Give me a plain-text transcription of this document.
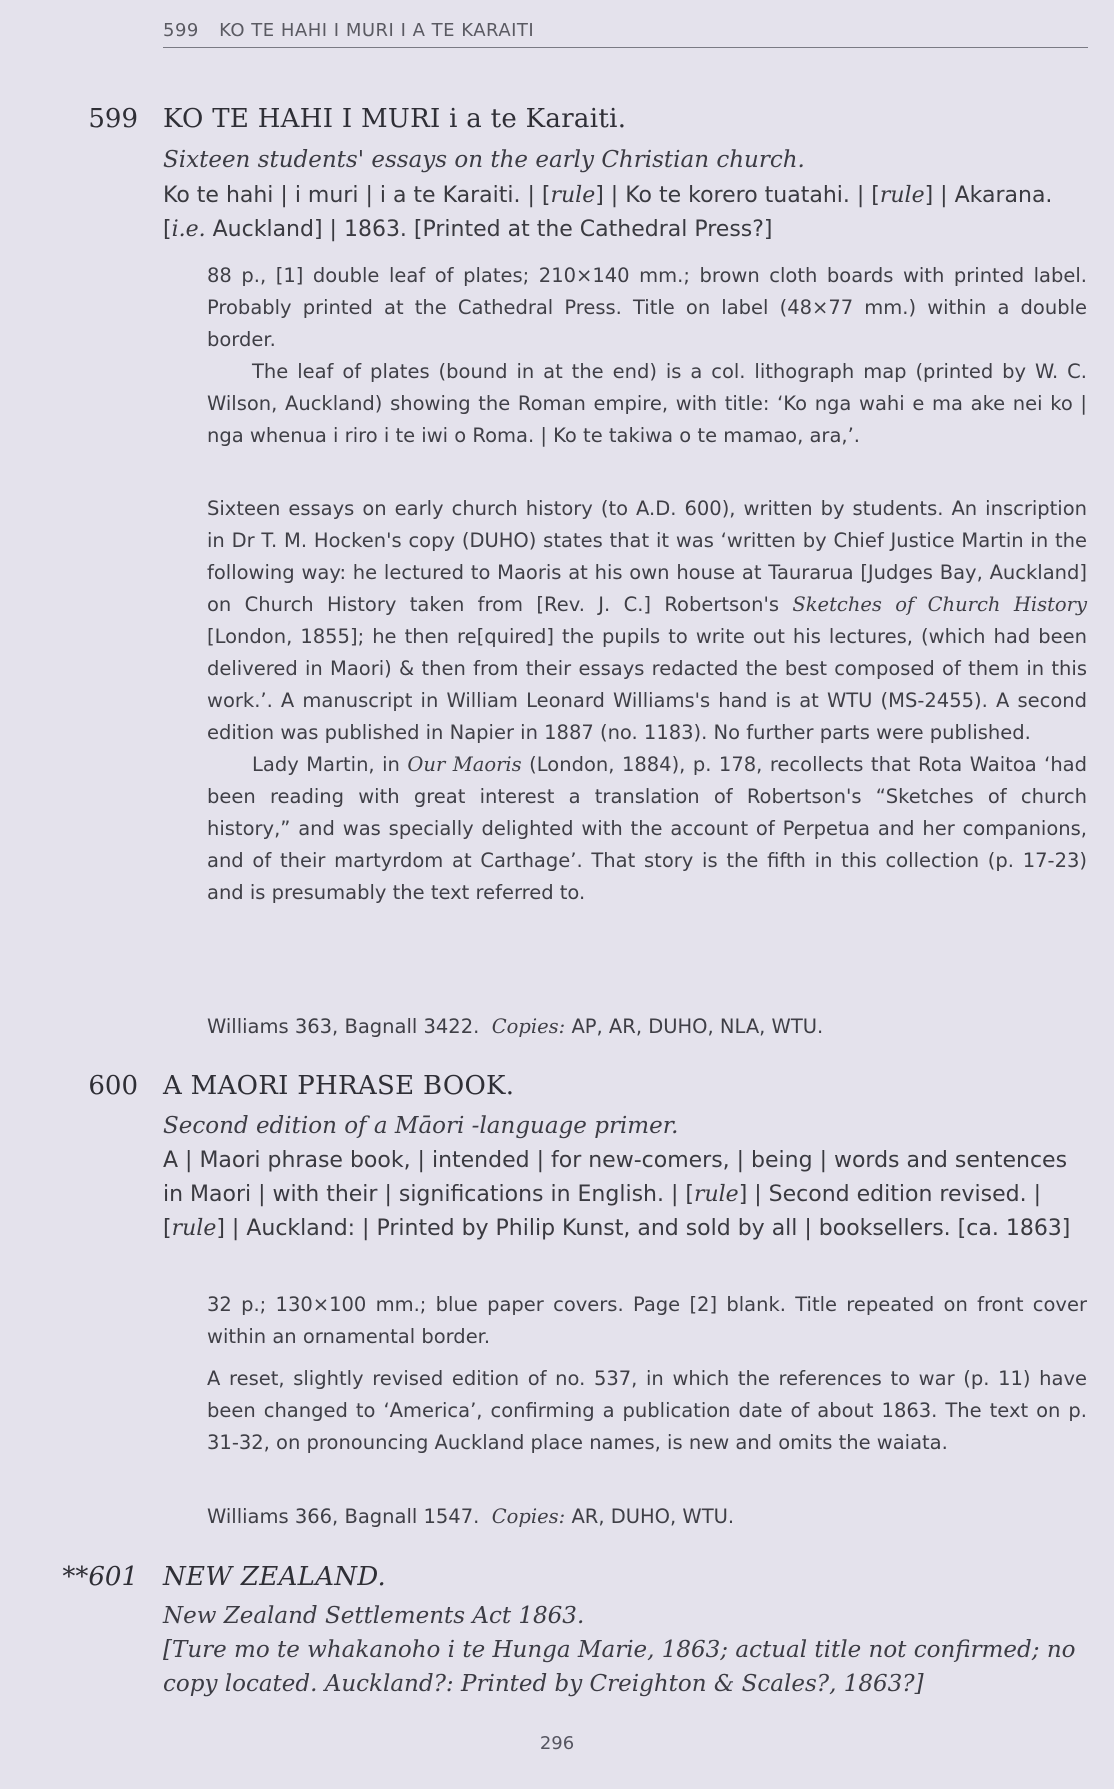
599 KO TE HAHI I MURI I A TE KARAITI
599 KO TE HAHI I MURI i a te Karaiti.
Sixteen students' essays on the early Christian church.
Ko te hahi | i muri | i a te Karaiti. | [rule] | Ko te korero tuatahi. | [rule] | Akarana. [i.e. Auckland] | 1863. [Printed at the Cathedral Press?]

88 p., [1] double leaf of plates; 210×140 mm.; brown cloth boards with printed label. Probably printed at the Cathedral Press. Title on label (48×77 mm.) within a double border.

The leaf of plates (bound in at the end) is a col. lithograph map (printed by W. C. Wilson, Auckland) showing the Roman empire, with title: ‘Ko nga wahi e ma ake nei ko | nga whenua i riro i te iwi o Roma. | Ko te takiwa o te mamao, ara,’.

Sixteen essays on early church history (to A.D. 600), written by students. An inscription in Dr T. M. Hocken's copy (DUHO) states that it was ‘written by Chief Justice Martin in the following way: he lectured to Maoris at his own house at Taurarua [Judges Bay, Auckland] on Church History taken from [Rev. J. C.] Robertson's Sketches of Church History [London, 1855]; he then re[quired] the pupils to write out his lectures, (which had been delivered in Maori) & then from their essays redacted the best composed of them in this work.’. A manuscript in William Leonard Williams's hand is at WTU (MS-2455). A second edition was published in Napier in 1887 (no. 1183). No further parts were published.

Lady Martin, in Our Maoris (London, 1884), p. 178, recollects that Rota Waitoa ‘had been reading with great interest a translation of Robertson's “Sketches of church history,” and was specially delighted with the account of Perpetua and her companions, and of their martyrdom at Carthage’. That story is the fifth in this collection (p. 17-23) and is presumably the text referred to.

Williams 363, Bagnall 3422. Copies: AP, AR, DUHO, NLA, WTU.
600 A MAORI PHRASE BOOK.
Second edition of a Māori -language primer.
A | Maori phrase book, | intended | for new-comers, | being | words and sentences in Maori | with their | significations in English. | [rule] | Second edition revised. | [rule] | Auckland: | Printed by Philip Kunst, and sold by all | booksellers. [ca. 1863]

32 p.; 130×100 mm.; blue paper covers. Page [2] blank. Title repeated on front cover within an ornamental border.

A reset, slightly revised edition of no. 537, in which the references to war (p. 11) have been changed to ‘America’, confirming a publication date of about 1863. The text on p. 31-32, on pronouncing Auckland place names, is new and omits the waiata.

Williams 366, Bagnall 1547. Copies: AR, DUHO, WTU.
**601 NEW ZEALAND.
New Zealand Settlements Act 1863.
[Ture mo te whakanoho i te Hunga Marie, 1863; actual title not confirmed; no copy located. Auckland?: Printed by Creighton & Scales?, 1863?]
296
